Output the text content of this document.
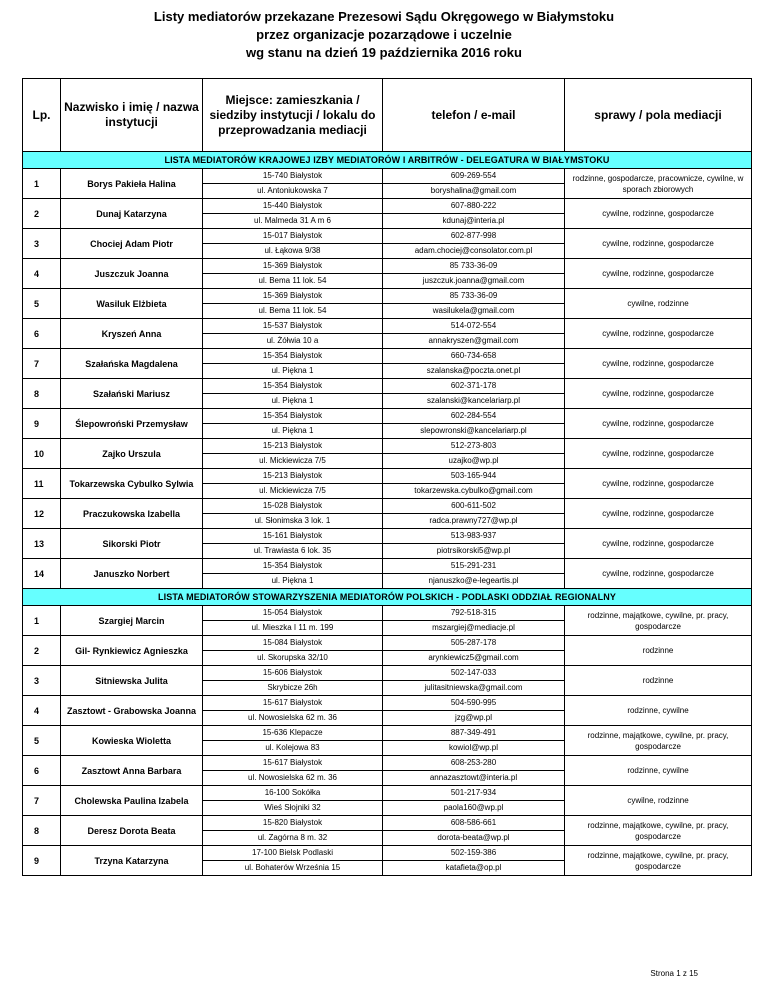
Listy mediatorów przekazane Prezesowi Sądu Okręgowego w Białymstoku
przez organizacje pozarządowe i uczelnie
wg stanu na dzień 19 października 2016 roku
Lp.	Nazwisko i imię / nazwa instytucji	Miejsce: zamieszkania / siedziby instytucji / lokalu do przeprowadzania mediacji	telefon / e-mail	sprawy / pola mediacji
LISTA MEDIATORÓW KRAJOWEJ IZBY MEDIATORÓW I ARBITRÓW - DELEGATURA W BIAŁYMSTOKU				
1	Borys Pakieła Halina	15-740 Białystok	609-269-554	rodzinne, gospodarcze, pracownicze, cywilne, w sporach zbiorowych
		ul. Antoniukowska 7	boryshalina@gmail.com	
2	Dunaj Katarzyna	15-440 Białystok	607-880-222	cywilne, rodzinne, gospodarcze
		ul. Malmeda 31 A m 6	kdunaj@interia.pl	
3	Chociej Adam Piotr	15-017 Białystok	602-877-998	cywilne, rodzinne, gospodarcze
		ul. Łąkowa 9/38	adam.chociej@consolator.com.pl	
4	Juszczuk Joanna	15-369 Białystok	85 733-36-09	cywilne, rodzinne, gospodarcze
		ul. Bema 11 lok. 54	juszczuk.joanna@gmail.com	
5	Wasiluk Elżbieta	15-369 Białystok	85 733-36-09	cywilne, rodzinne
		ul. Bema 11 lok. 54	wasilukela@gmail.com	
6	Kryszeń Anna	15-537 Białystok	514-072-554	cywilne, rodzinne, gospodarcze
		ul. Żółwia 10 a	annakryszen@gmail.com	
7	Szałańska Magdalena	15-354 Białystok	660-734-658	cywilne, rodzinne, gospodarcze
		ul. Piękna 1	szalanska@poczta.onet.pl	
8	Szałański Mariusz	15-354 Białystok	602-371-178	cywilne, rodzinne, gospodarcze
		ul. Piękna 1	szalanski@kancelariarp.pl	
9	Ślepowroński Przemysław	15-354 Białystok	602-284-554	cywilne, rodzinne, gospodarcze
		ul. Piękna 1	slepowronski@kancelariarp.pl	
10	Zajko Urszula	15-213 Białystok	512-273-803	cywilne, rodzinne, gospodarcze
		ul. Mickiewicza 7/5	uzajko@wp.pl	
11	Tokarzewska Cybulko Sylwia	15-213 Białystok	503-165-944	cywilne, rodzinne, gospodarcze
		ul. Mickiewicza 7/5	tokarzewska.cybulko@gmail.com	
12	Praczukowska Izabella	15-028 Białystok	600-611-502	cywilne, rodzinne, gospodarcze
		ul. Słonimska 3 lok. 1	radca.prawny727@wp.pl	
13	Sikorski Piotr	15-161 Białystok	513-983-937	cywilne, rodzinne, gospodarcze
		ul. Trawiasta 6 lok. 35	piotrsikorski5@wp.pl	
14	Januszko Norbert	15-354 Białystok	515-291-231	cywilne, rodzinne, gospodarcze
		ul. Piękna 1	njanuszko@e-legeartis.pl	
LISTA MEDIATORÓW STOWARZYSZENIA MEDIATORÓW POLSKICH - PODLASKI ODDZIAŁ REGIONALNY				
1	Szargiej Marcin	15-054 Białystok	792-518-315	rodzinne, majątkowe, cywilne, pr. pracy, gospodarcze
		ul. Mieszka I 11 m. 199	mszargiej@mediacje.pl	
2	Gil- Rynkiewicz Agnieszka	15-084 Białystok	505-287-178	rodzinne
		ul. Skorupska 32/10	arynkiewicz5@gmail.com	
3	Sitniewska Julita	15-606 Białystok	502-147-033	rodzinne
		Skrybicze 26h	julitasitniewska@gmail.com	
4	Zasztowt - Grabowska Joanna	15-617 Białystok	504-590-995	rodzinne, cywilne
		ul. Nowosielska 62 m. 36	jzg@wp.pl	
5	Kowieska Wioletta	15-636 Klepacze	887-349-491	rodzinne, majątkowe, cywilne, pr. pracy, gospodarcze
		ul. Kolejowa 83	kowiol@wp.pl	
6	Zasztowt Anna Barbara	15-617 Białystok	608-253-280	rodzinne, cywilne
		ul. Nowosielska 62 m. 36	annazasztowt@interia.pl	
7	Cholewska Paulina Izabela	16-100 Sokółka	501-217-934	cywilne, rodzinne
		Wieś Słojniki 32	paola160@wp.pl	
8	Deresz Dorota Beata	15-820 Białystok	608-586-661	rodzinne, majątkowe, cywilne, pr. pracy, gospodarcze
		ul. Zagórna 8 m. 32	dorota-beata@wp.pl	
9	Trzyna Katarzyna	17-100 Bielsk Podlaski	502-159-386	rodzinne, majątkowe, cywilne, pr. pracy, gospodarcze
		ul. Bohaterów Września 15	katafieta@op.pl	
Strona 1 z 15
